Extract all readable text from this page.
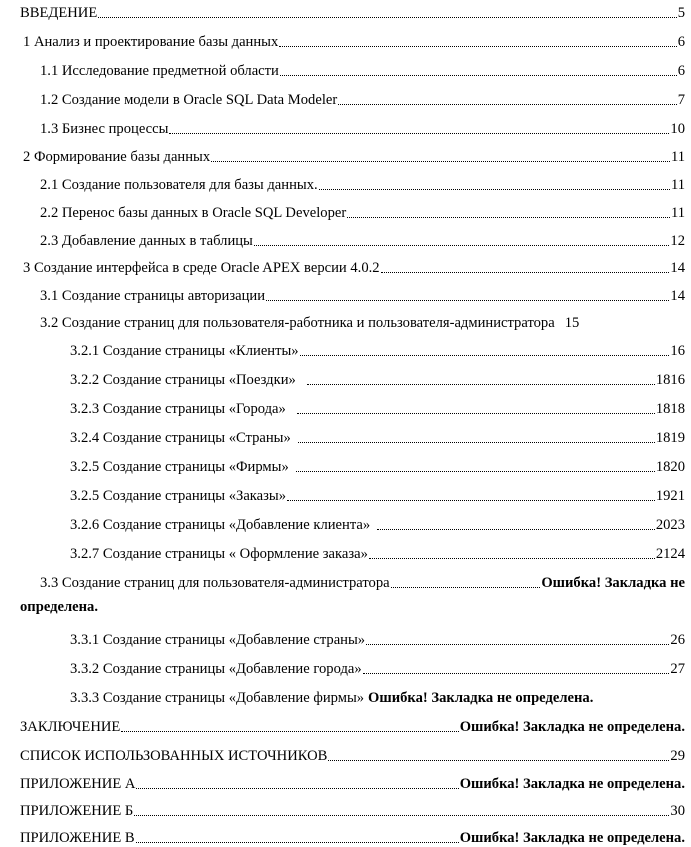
ВВЕДЕНИЕ	5
1 Анализ и проектирование базы данных	6
1.1 Исследование предметной области	6
1.2 Создание модели в Oracle SQL Data Modeler	7
1.3 Бизнес процессы	10
2 Формирование базы данных	11
2.1 Создание пользователя для базы данных.	11
2.2 Перенос базы данных в Oracle SQL Developer	11
2.3 Добавление данных в таблицы	12
3 Создание интерфейса в среде Oracle APEX версии 4.0.2	14
3.1 Создание страницы авторизации	14
3.2 Создание страниц для пользователя-работника и пользователя-администратора 15
3.2.1 Создание страницы «Клиенты»	16
3.2.2 Создание страницы «Поездки»	1816
3.2.3 Создание страницы «Города»	1818
3.2.4 Создание страницы «Страны»	1819
3.2.5 Создание страницы «Фирмы»	1820
3.2.5 Создание страницы «Заказы»	1921
3.2.6 Создание страницы «Добавление клиента»	2023
3.2.7 Создание страницы « Оформление заказа»	2124
3.3 Создание страниц для пользователя-администратора	Ошибка! Закладка не
определена.
3.3.1 Создание страницы «Добавление страны»	26
3.3.2 Создание страницы «Добавление города»	27
3.3.3 Создание страницы «Добавление фирмы» Ошибка! Закладка не определена.
ЗАКЛЮЧЕНИЕ	Ошибка! Закладка не определена.
СПИСОК ИСПОЛЬЗОВАННЫХ ИСТОЧНИКОВ	29
ПРИЛОЖЕНИЕ А	Ошибка! Закладка не определена.
ПРИЛОЖЕНИЕ Б	30
ПРИЛОЖЕНИЕ В	Ошибка! Закладка не определена.
